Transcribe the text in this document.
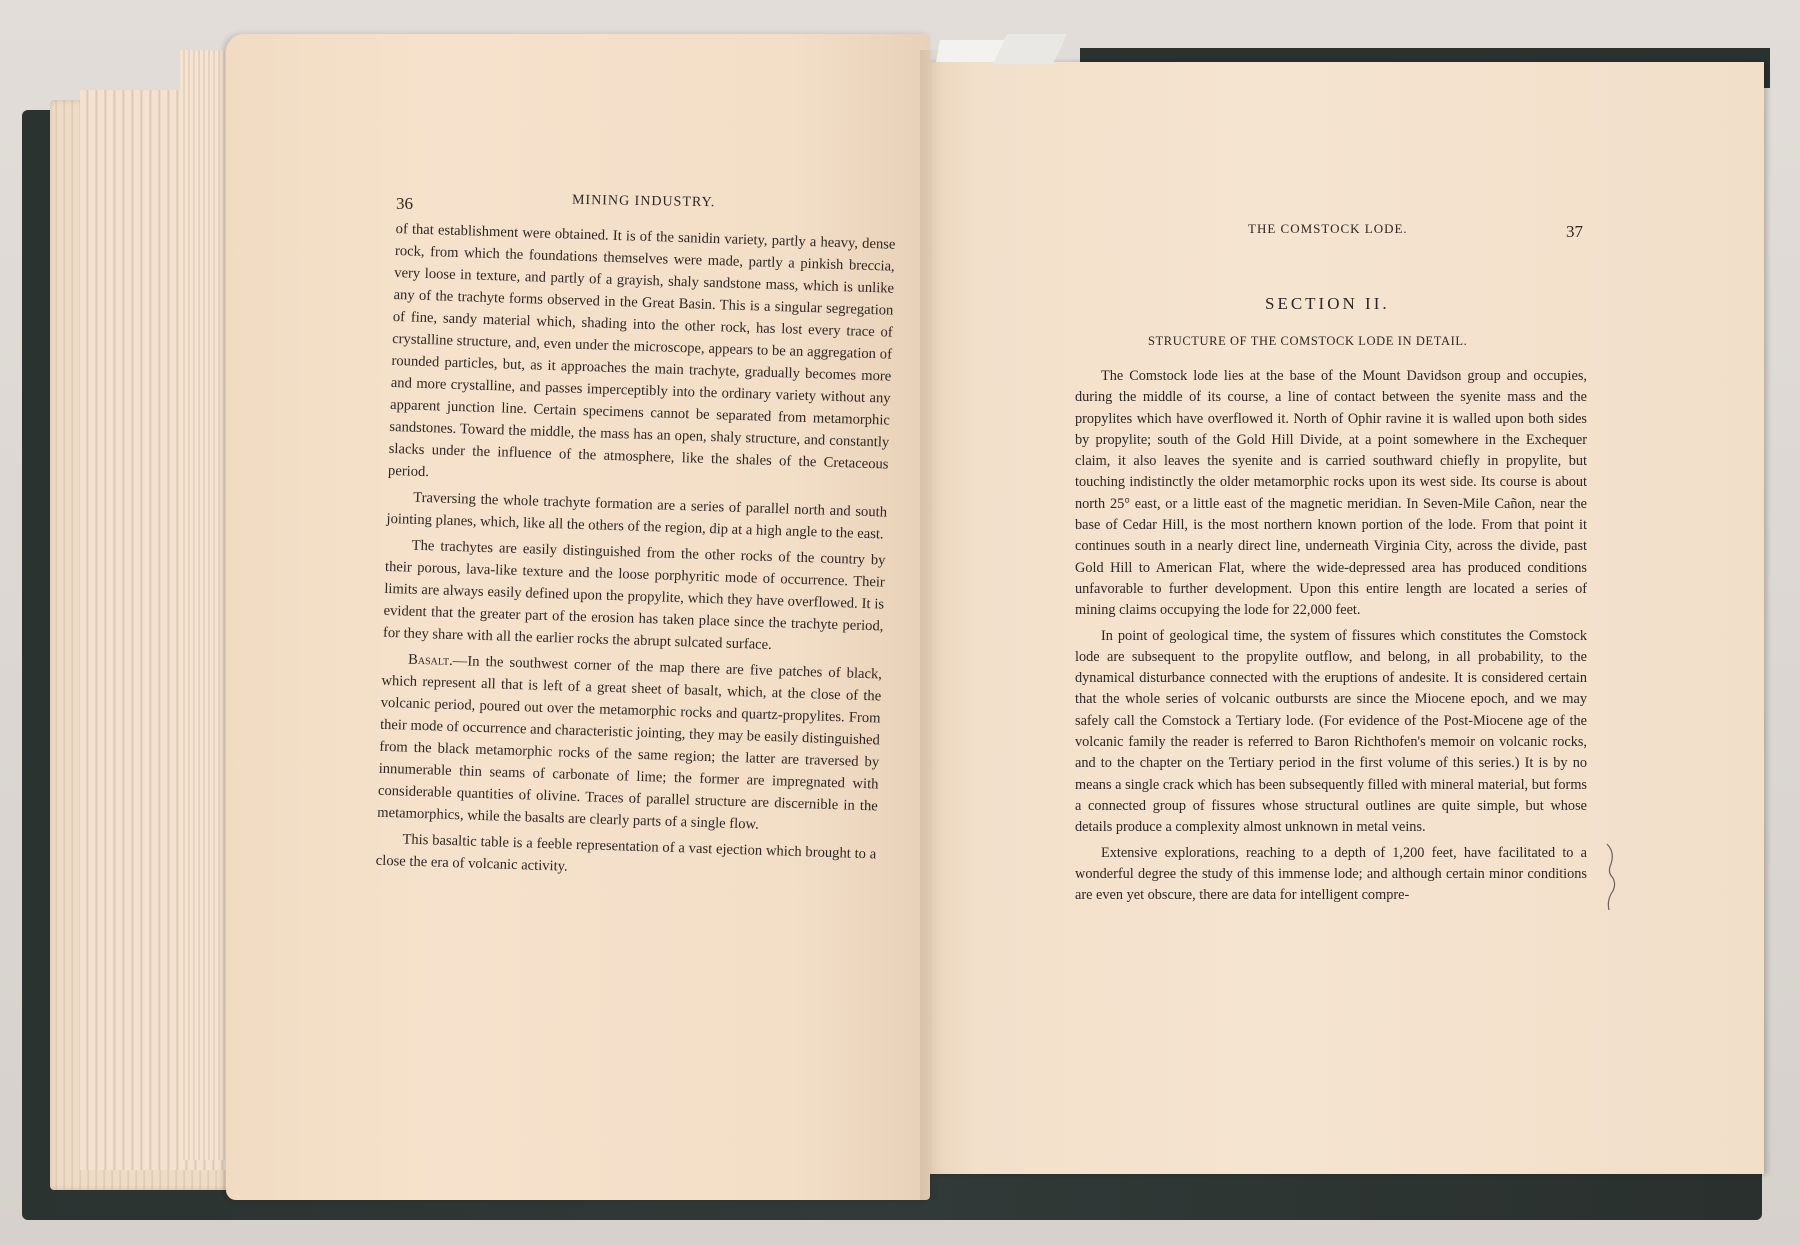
36	MINING INDUSTRY.

of that establishment were obtained. It is of the sanidin variety, partly a heavy, dense rock, from which the foundations themselves were made, partly a pinkish breccia, very loose in texture, and partly of a grayish, shaly sandstone mass, which is unlike any of the trachyte forms observed in the Great Basin. This is a singular segregation of fine, sandy material which, shading into the other rock, has lost every trace of crystalline structure, and, even under the microscope, appears to be an aggregation of rounded particles, but, as it approaches the main trachyte, gradually becomes more and more crystalline, and passes imperceptibly into the ordinary variety without any apparent junction line. Certain specimens cannot be separated from metamorphic sandstones. Toward the middle, the mass has an open, shaly structure, and constantly slacks under the influence of the atmosphere, like the shales of the Cretaceous period.

Traversing the whole trachyte formation are a series of parallel north and south jointing planes, which, like all the others of the region, dip at a high angle to the east.

The trachytes are easily distinguished from the other rocks of the country by their porous, lava-like texture and the loose porphyritic mode of occurrence. Their limits are always easily defined upon the propylite, which they have overflowed. It is evident that the greater part of the erosion has taken place since the trachyte period, for they share with all the earlier rocks the abrupt sulcated surface.

Basalt.—In the southwest corner of the map there are five patches of black, which represent all that is left of a great sheet of basalt, which, at the close of the volcanic period, poured out over the metamorphic rocks and quartz-propylites. From their mode of occurrence and characteristic jointing, they may be easily distinguished from the black metamorphic rocks of the same region; the latter are traversed by innumerable thin seams of carbonate of lime; the former are impregnated with considerable quantities of olivine. Traces of parallel structure are discernible in the metamorphics, while the basalts are clearly parts of a single flow.

This basaltic table is a feeble representation of a vast ejection which brought to a close the era of volcanic activity.

THE COMSTOCK LODE.	37
SECTION II.
STRUCTURE OF THE COMSTOCK LODE IN DETAIL.

The Comstock lode lies at the base of the Mount Davidson group and occupies, during the middle of its course, a line of contact between the syenite mass and the propylites which have overflowed it. North of Ophir ravine it is walled upon both sides by propylite; south of the Gold Hill Divide, at a point somewhere in the Exchequer claim, it also leaves the syenite and is carried southward chiefly in propylite, but touching indistinctly the older metamorphic rocks upon its west side. Its course is about north 25° east, or a little east of the magnetic meridian. In Seven-Mile Cañon, near the base of Cedar Hill, is the most northern known portion of the lode. From that point it continues south in a nearly direct line, underneath Virginia City, across the divide, past Gold Hill to American Flat, where the wide-depressed area has produced conditions unfavorable to further development. Upon this entire length are located a series of mining claims occupying the lode for 22,000 feet.

In point of geological time, the system of fissures which constitutes the Comstock lode are subsequent to the propylite outflow, and belong, in all probability, to the dynamical disturbance connected with the eruptions of andesite. It is considered certain that the whole series of volcanic outbursts are since the Miocene epoch, and we may safely call the Comstock a Tertiary lode. (For evidence of the Post-Miocene age of the volcanic family the reader is referred to Baron Richthofen's memoir on volcanic rocks, and to the chapter on the Tertiary period in the first volume of this series.) It is by no means a single crack which has been subsequently filled with mineral material, but forms a connected group of fissures whose structural outlines are quite simple, but whose details produce a complexity almost unknown in metal veins.

Extensive explorations, reaching to a depth of 1,200 feet, have facilitated to a wonderful degree the study of this immense lode; and although certain minor conditions are even yet obscure, there are data for intelligent compre-
